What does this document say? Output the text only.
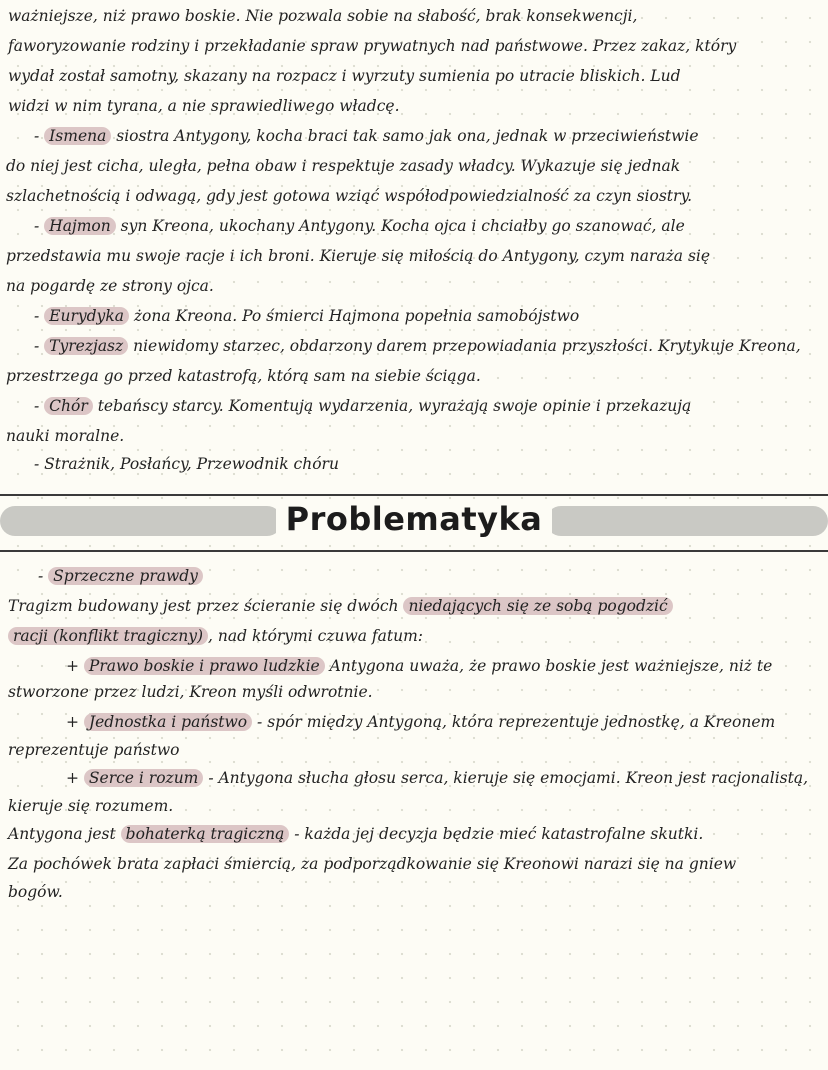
ważniejsze, niż prawo boskie. Nie pozwala sobie na słabość, brak konsekwencji,
faworyzowanie rodziny i przekładanie spraw prywatnych nad państwowe. Przez zakaz, który
wydał został samotny, skazany na rozpacz i wyrzuty sumienia po utracie bliskich. Lud
widzi w nim tyrana, a nie sprawiedliwego władcę.
- Ismena siostra Antygony, kocha braci tak samo jak ona, jednak w przeciwieństwie
do niej jest cicha, uległa, pełna obaw i respektuje zasady władcy. Wykazuje się jednak
szlachetnością i odwagą, gdy jest gotowa wziąć współodpowiedzialność za czyn siostry.
- Hajmon syn Kreona, ukochany Antygony. Kocha ojca i chciałby go szanować, ale
przedstawia mu swoje racje i ich broni. Kieruje się miłością do Antygony, czym naraża się
na pogardę ze strony ojca.
- Eurydyka żona Kreona. Po śmierci Hajmona popełnia samobójstwo
- Tyrezjasz niewidomy starzec, obdarzony darem przepowiadania przyszłości. Krytykuje Kreona,
przestrzega go przed katastrofą, którą sam na siebie ściąga.
- Chór tebańscy starcy. Komentują wydarzenia, wyrażają swoje opinie i przekazują
nauki moralne.
- Strażnik, Posłańcy, Przewodnik chóru
Problematyka
- Sprzeczne prawdy
Tragizm budowany jest przez ścieranie się dwóch niedających się ze sobą pogodzić
racji (konflikt tragiczny) , nad którymi czuwa fatum:
+ Prawo boskie i prawo ludzkie Antygona uważa, że prawo boskie jest ważniejsze, niż te
stworzone przez ludzi, Kreon myśli odwrotnie.
+ Jednostka i państwo - spór między Antygoną, która reprezentuje jednostkę, a Kreonem
reprezentuje państwo
+ Serce i rozum - Antygona słucha głosu serca, kieruje się emocjami. Kreon jest racjonalistą,
kieruje się rozumem.
Antygona jest bohaterką tragiczną - każda jej decyzja będzie mieć katastrofalne skutki.
Za pochówek brata zapłaci śmiercią, za podporządkowanie się Kreonowi narazi się na gniew
bogów.
